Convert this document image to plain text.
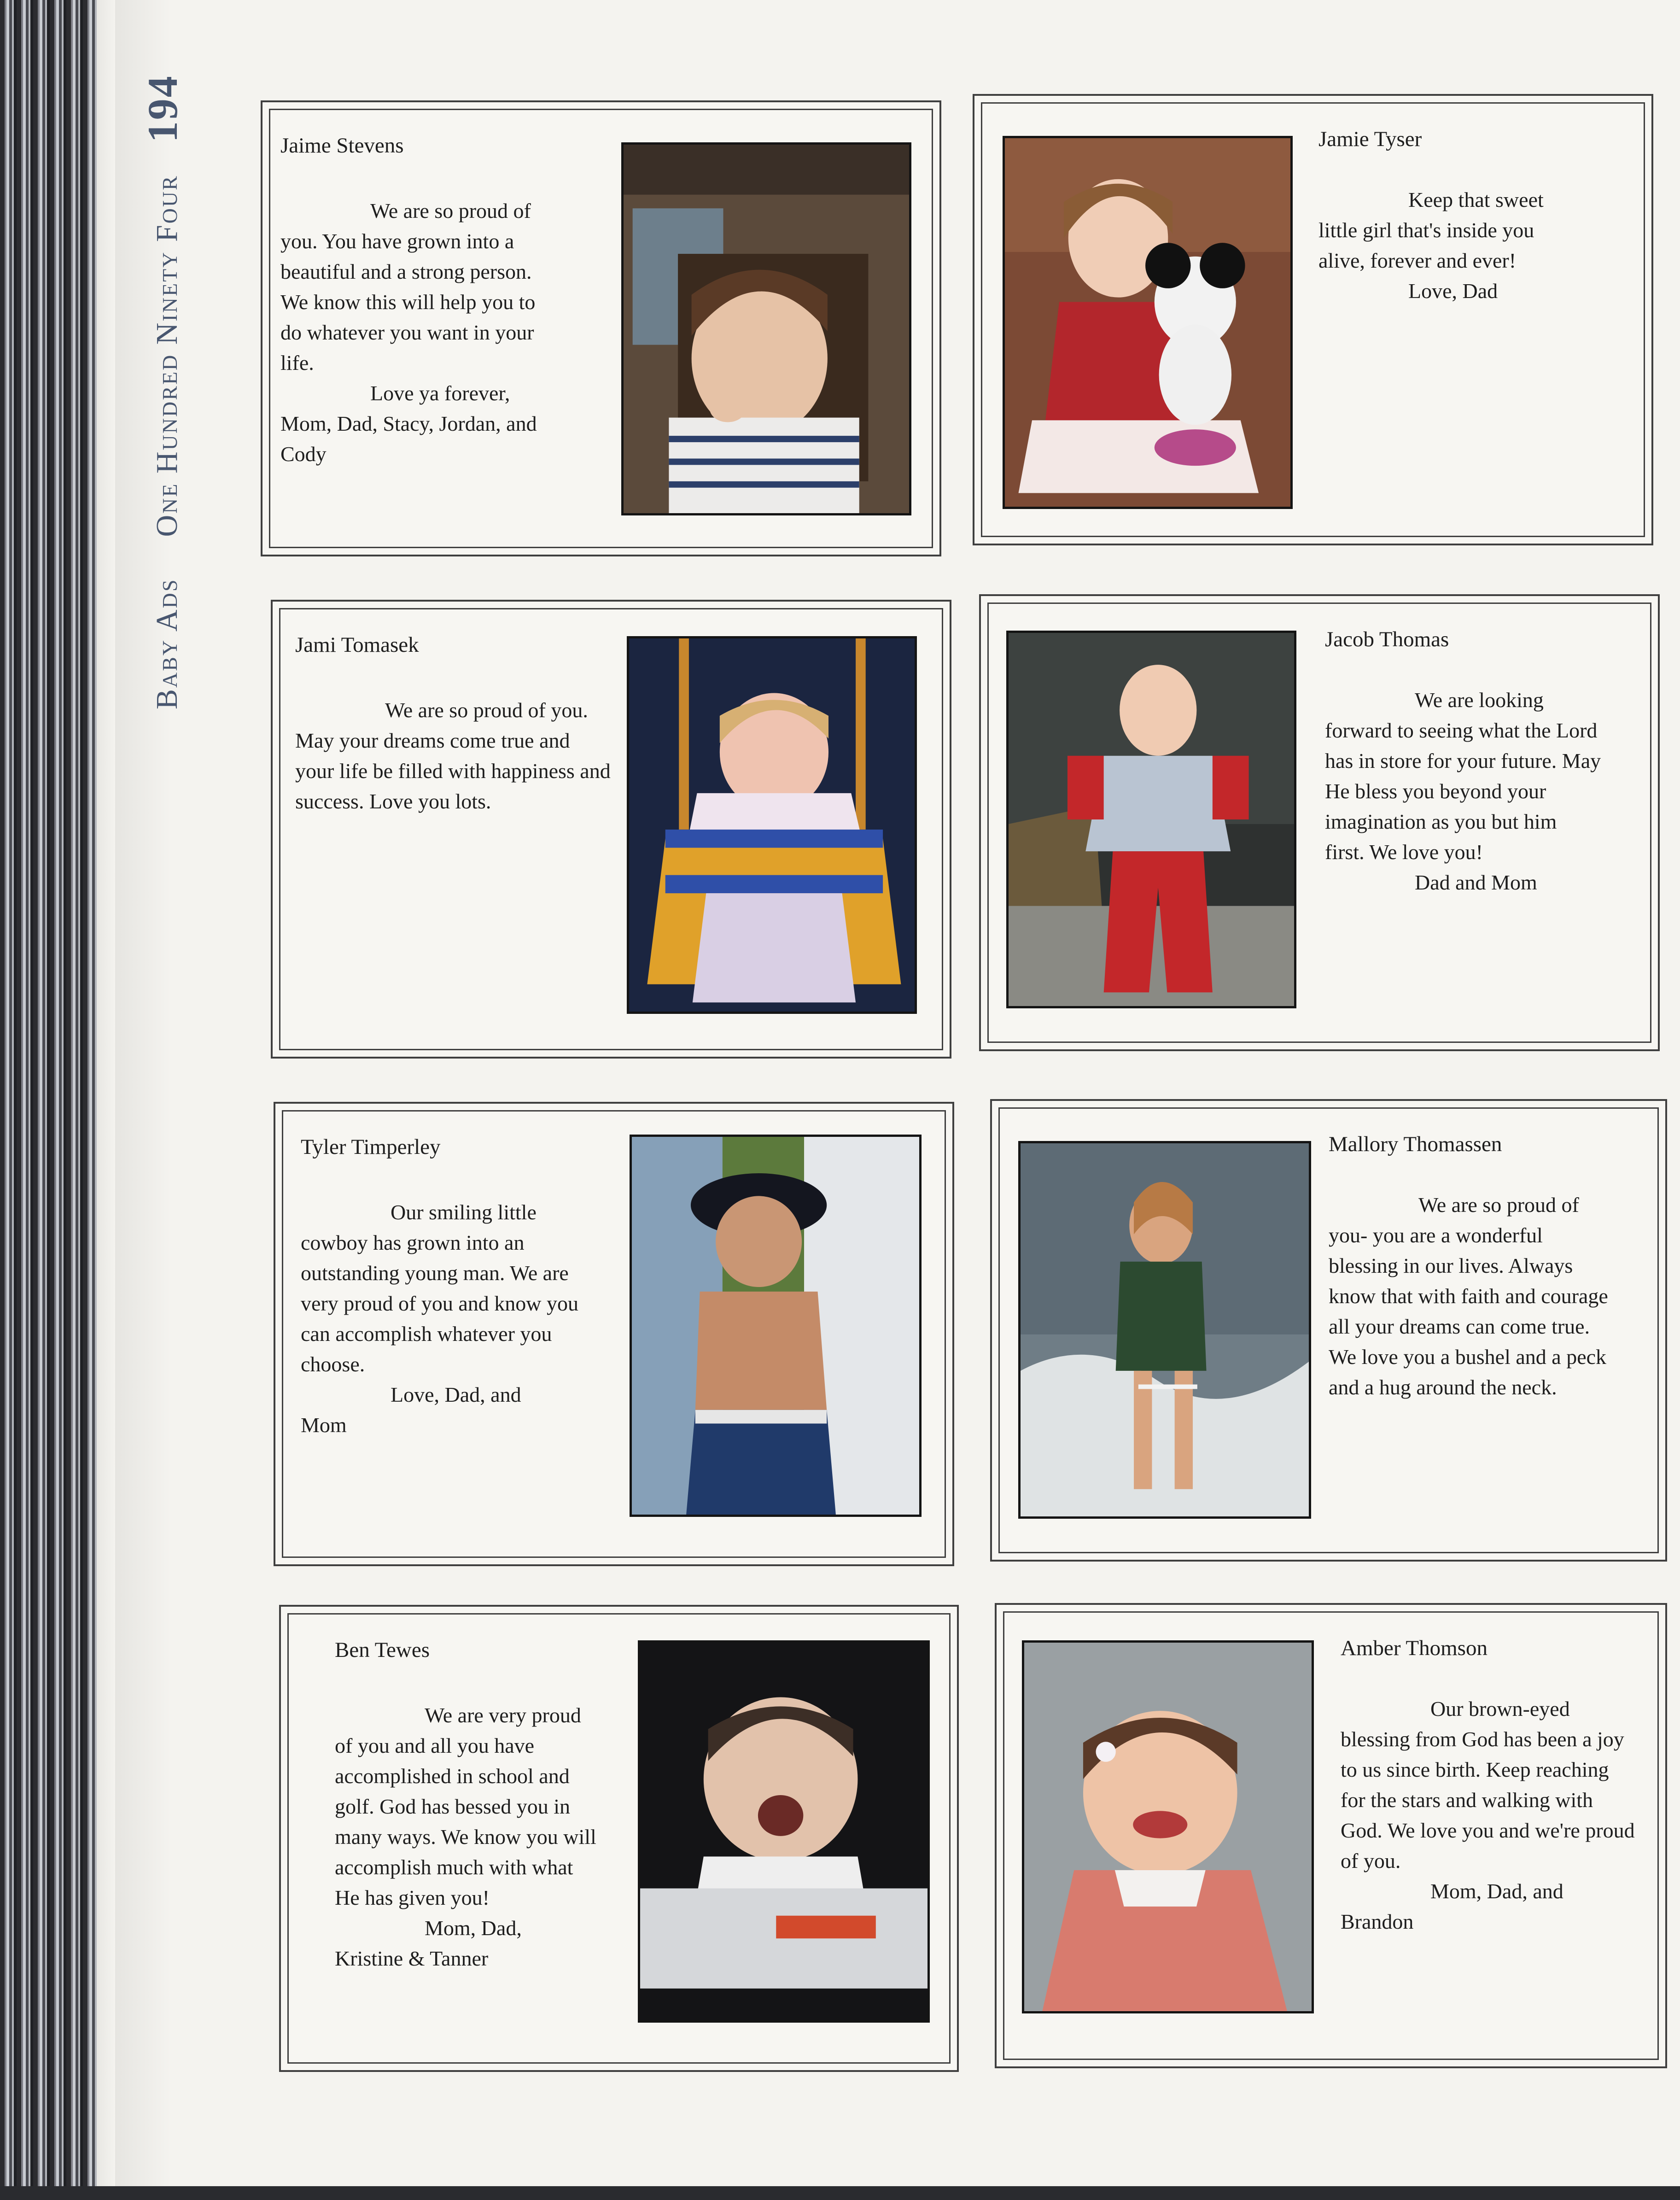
Baby Ads
One Hundred Ninety Four
194
Jaime Stevens

We are so proud of you. You have grown into a beautiful and a strong person. We know this will help you to do whatever you want in your life.

Love ya forever,
Mom, Dad, Stacy, Jordan, and Cody
Jamie Tyser

Keep that sweet little girl that's inside you alive, forever and ever!

Love, Dad
Jami Tomasek

We are so proud of you. May your dreams come true and your life be filled with happiness and success. Love you lots.

Jacob Thomas

We are looking forward to seeing what the Lord has in store for your future. May He bless you beyond your imagination as you but him first. We love you!

Dad and Mom
Tyler Timperley

Our smiling little cowboy has grown into an outstanding young man. We are very proud of you and know you can accomplish whatever you choose.

Love, Dad, and
Mom
Mallory Thomassen

We are so proud of you- you are a wonderful blessing in our lives. Always know that with faith and courage all your dreams can come true. We love you a bushel and a peck and a hug around the neck.

Ben Tewes

We are very proud of you and all you have accomplished in school and golf. God has bessed you in many ways. We know you will accomplish much with what He has given you!

Mom, Dad,
Kristine & Tanner
Amber Thomson

Our brown-eyed blessing from God has been a joy to us since birth. Keep reaching for the stars and walking with God. We love you and we're proud of you.

Mom, Dad, and
Brandon
